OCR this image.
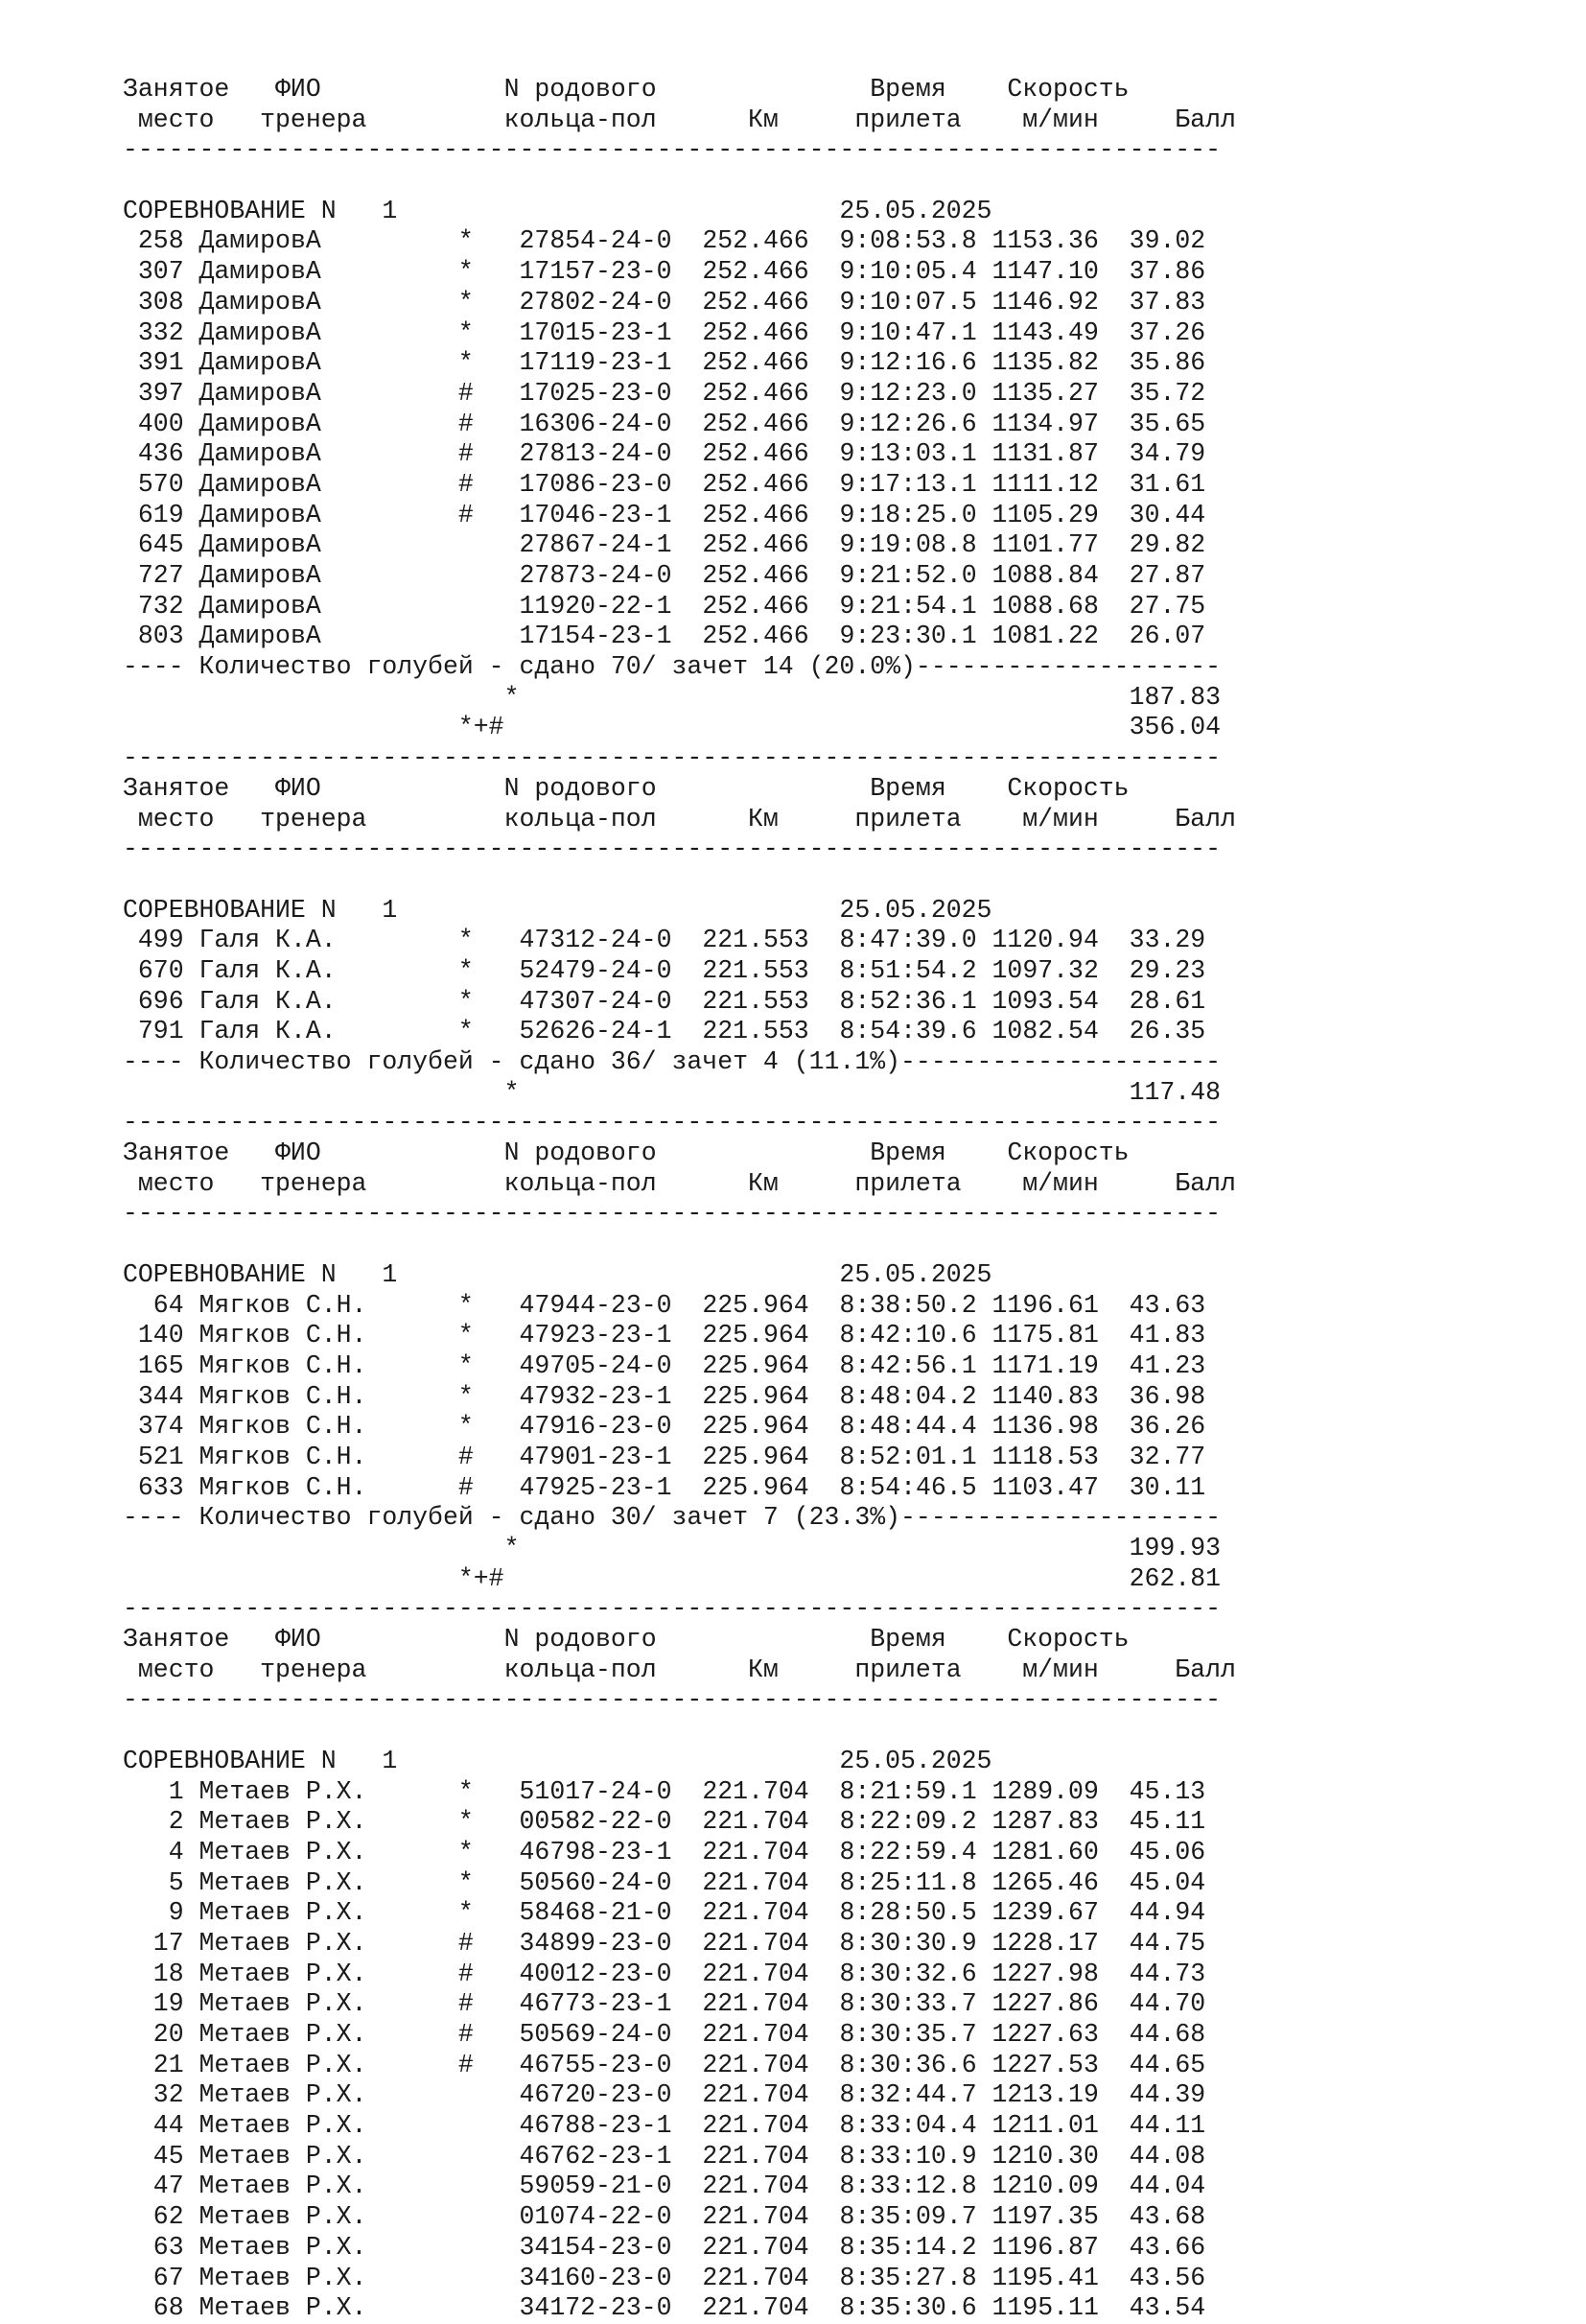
Занятое   ФИО            N родового              Время    Скорость
место   тренера         кольца-пол      Км     прилета    м/мин     Балл
------------------------------------------------------------------------
СОРЕВНОВАНИЕ N   1                             25.05.2025
258 ДамировА         *   27854-24-0 252.466 9:08:53.8 1153.36 39.02
307 ДамировА         *   17157-23-0 252.466 9:10:05.4 1147.10 37.86
308 ДамировА         *   27802-24-0 252.466 9:10:07.5 1146.92 37.83
332 ДамировА         *   17015-23-1 252.466 9:10:47.1 1143.49 37.26
391 ДамировА         *   17119-23-1 252.466 9:12:16.6 1135.82 35.86
397 ДамировА         #   17025-23-0 252.466 9:12:23.0 1135.27 35.72
400 ДамировА         #   16306-24-0 252.466 9:12:26.6 1134.97 35.65
436 ДамировА         #   27813-24-0 252.466 9:13:03.1 1131.87 34.79
570 ДамировА         #   17086-23-0 252.466 9:17:13.1 1111.12 31.61
619 ДамировА         #   17046-23-1 252.466 9:18:25.0 1105.29 30.44
645 ДамировА             27867-24-1 252.466 9:19:08.8 1101.77 29.82
727 ДамировА             27873-24-0 252.466 9:21:52.0 1088.84 27.87
732 ДамировА             11920-22-1 252.466 9:21:54.1 1088.68 27.75
803 ДамировА             17154-23-1 252.466 9:23:30.1 1081.22 26.07
---- Количество голубей - сдано 70/ зачет 14 (20.0%)--------------------
*	187.83
*+#	356.04
------------------------------------------------------------------------
Занятое   ФИО            N родового              Время    Скорость
место   тренера         кольца-пол      Км     прилета    м/мин     Балл
------------------------------------------------------------------------
СОРЕВНОВАНИЕ N   1                             25.05.2025
499 Галя К.А.        *   47312-24-0 221.553 8:47:39.0 1120.94 33.29
670 Галя К.А.        *   52479-24-0 221.553 8:51:54.2 1097.32 29.23
696 Галя К.А.        *   47307-24-0 221.553 8:52:36.1 1093.54 28.61
791 Галя К.А.        *   52626-24-1 221.553 8:54:39.6 1082.54 26.35
---- Количество голубей - сдано 36/ зачет 4 (11.1%)---------------------
*	117.48
------------------------------------------------------------------------
Занятое   ФИО            N родового              Время    Скорость
место   тренера         кольца-пол      Км     прилета    м/мин     Балл
------------------------------------------------------------------------
СОРЕВНОВАНИЕ N   1                             25.05.2025
64 Мягков С.Н.      *   47944-23-0 225.964 8:38:50.2 1196.61 43.63
140 Мягков С.Н.      *   47923-23-1 225.964 8:42:10.6 1175.81 41.83
165 Мягков С.Н.      *   49705-24-0 225.964 8:42:56.1 1171.19 41.23
344 Мягков С.Н.      *   47932-23-1 225.964 8:48:04.2 1140.83 36.98
374 Мягков С.Н.      *   47916-23-0 225.964 8:48:44.4 1136.98 36.26
521 Мягков С.Н.      #   47901-23-1 225.964 8:52:01.1 1118.53 32.77
633 Мягков С.Н.      #   47925-23-1 225.964 8:54:46.5 1103.47 30.11
---- Количество голубей - сдано 30/ зачет 7 (23.3%)---------------------
*	199.93
*+#	262.81
------------------------------------------------------------------------
Занятое   ФИО            N родового              Время    Скорость
место   тренера         кольца-пол      Км     прилета    м/мин     Балл
------------------------------------------------------------------------
СОРЕВНОВАНИЕ N   1                             25.05.2025
1 Метаев Р.Х.      *   51017-24-0 221.704 8:21:59.1 1289.09 45.13
2 Метаев Р.Х.      *   00582-22-0 221.704 8:22:09.2 1287.83 45.11
4 Метаев Р.Х.      *   46798-23-1 221.704 8:22:59.4 1281.60 45.06
5 Метаев Р.Х.      *   50560-24-0 221.704 8:25:11.8 1265.46 45.04
9 Метаев Р.Х.      *   58468-21-0 221.704 8:28:50.5 1239.67 44.94
17 Метаев Р.Х.      #   34899-23-0 221.704 8:30:30.9 1228.17 44.75
18 Метаев Р.Х.      #   40012-23-0 221.704 8:30:32.6 1227.98 44.73
19 Метаев Р.Х.      #   46773-23-1 221.704 8:30:33.7 1227.86 44.70
20 Метаев Р.Х.      #   50569-24-0 221.704 8:30:35.7 1227.63 44.68
21 Метаев Р.Х.      #   46755-23-0 221.704 8:30:36.6 1227.53 44.65
32 Метаев Р.Х.          46720-23-0 221.704 8:32:44.7 1213.19 44.39
44 Метаев Р.Х.          46788-23-1 221.704 8:33:04.4 1211.01 44.11
45 Метаев Р.Х.          46762-23-1 221.704 8:33:10.9 1210.30 44.08
47 Метаев Р.Х.          59059-21-0 221.704 8:33:12.8 1210.09 44.04
62 Метаев Р.Х.          01074-22-0 221.704 8:35:09.7 1197.35 43.68
63 Метаев Р.Х.          34154-23-0 221.704 8:35:14.2 1196.87 43.66
67 Метаев Р.Х.          34160-23-0 221.704 8:35:27.8 1195.41 43.56
68 Метаев Р.Х.          34172-23-0 221.704 8:35:30.6 1195.11 43.54
